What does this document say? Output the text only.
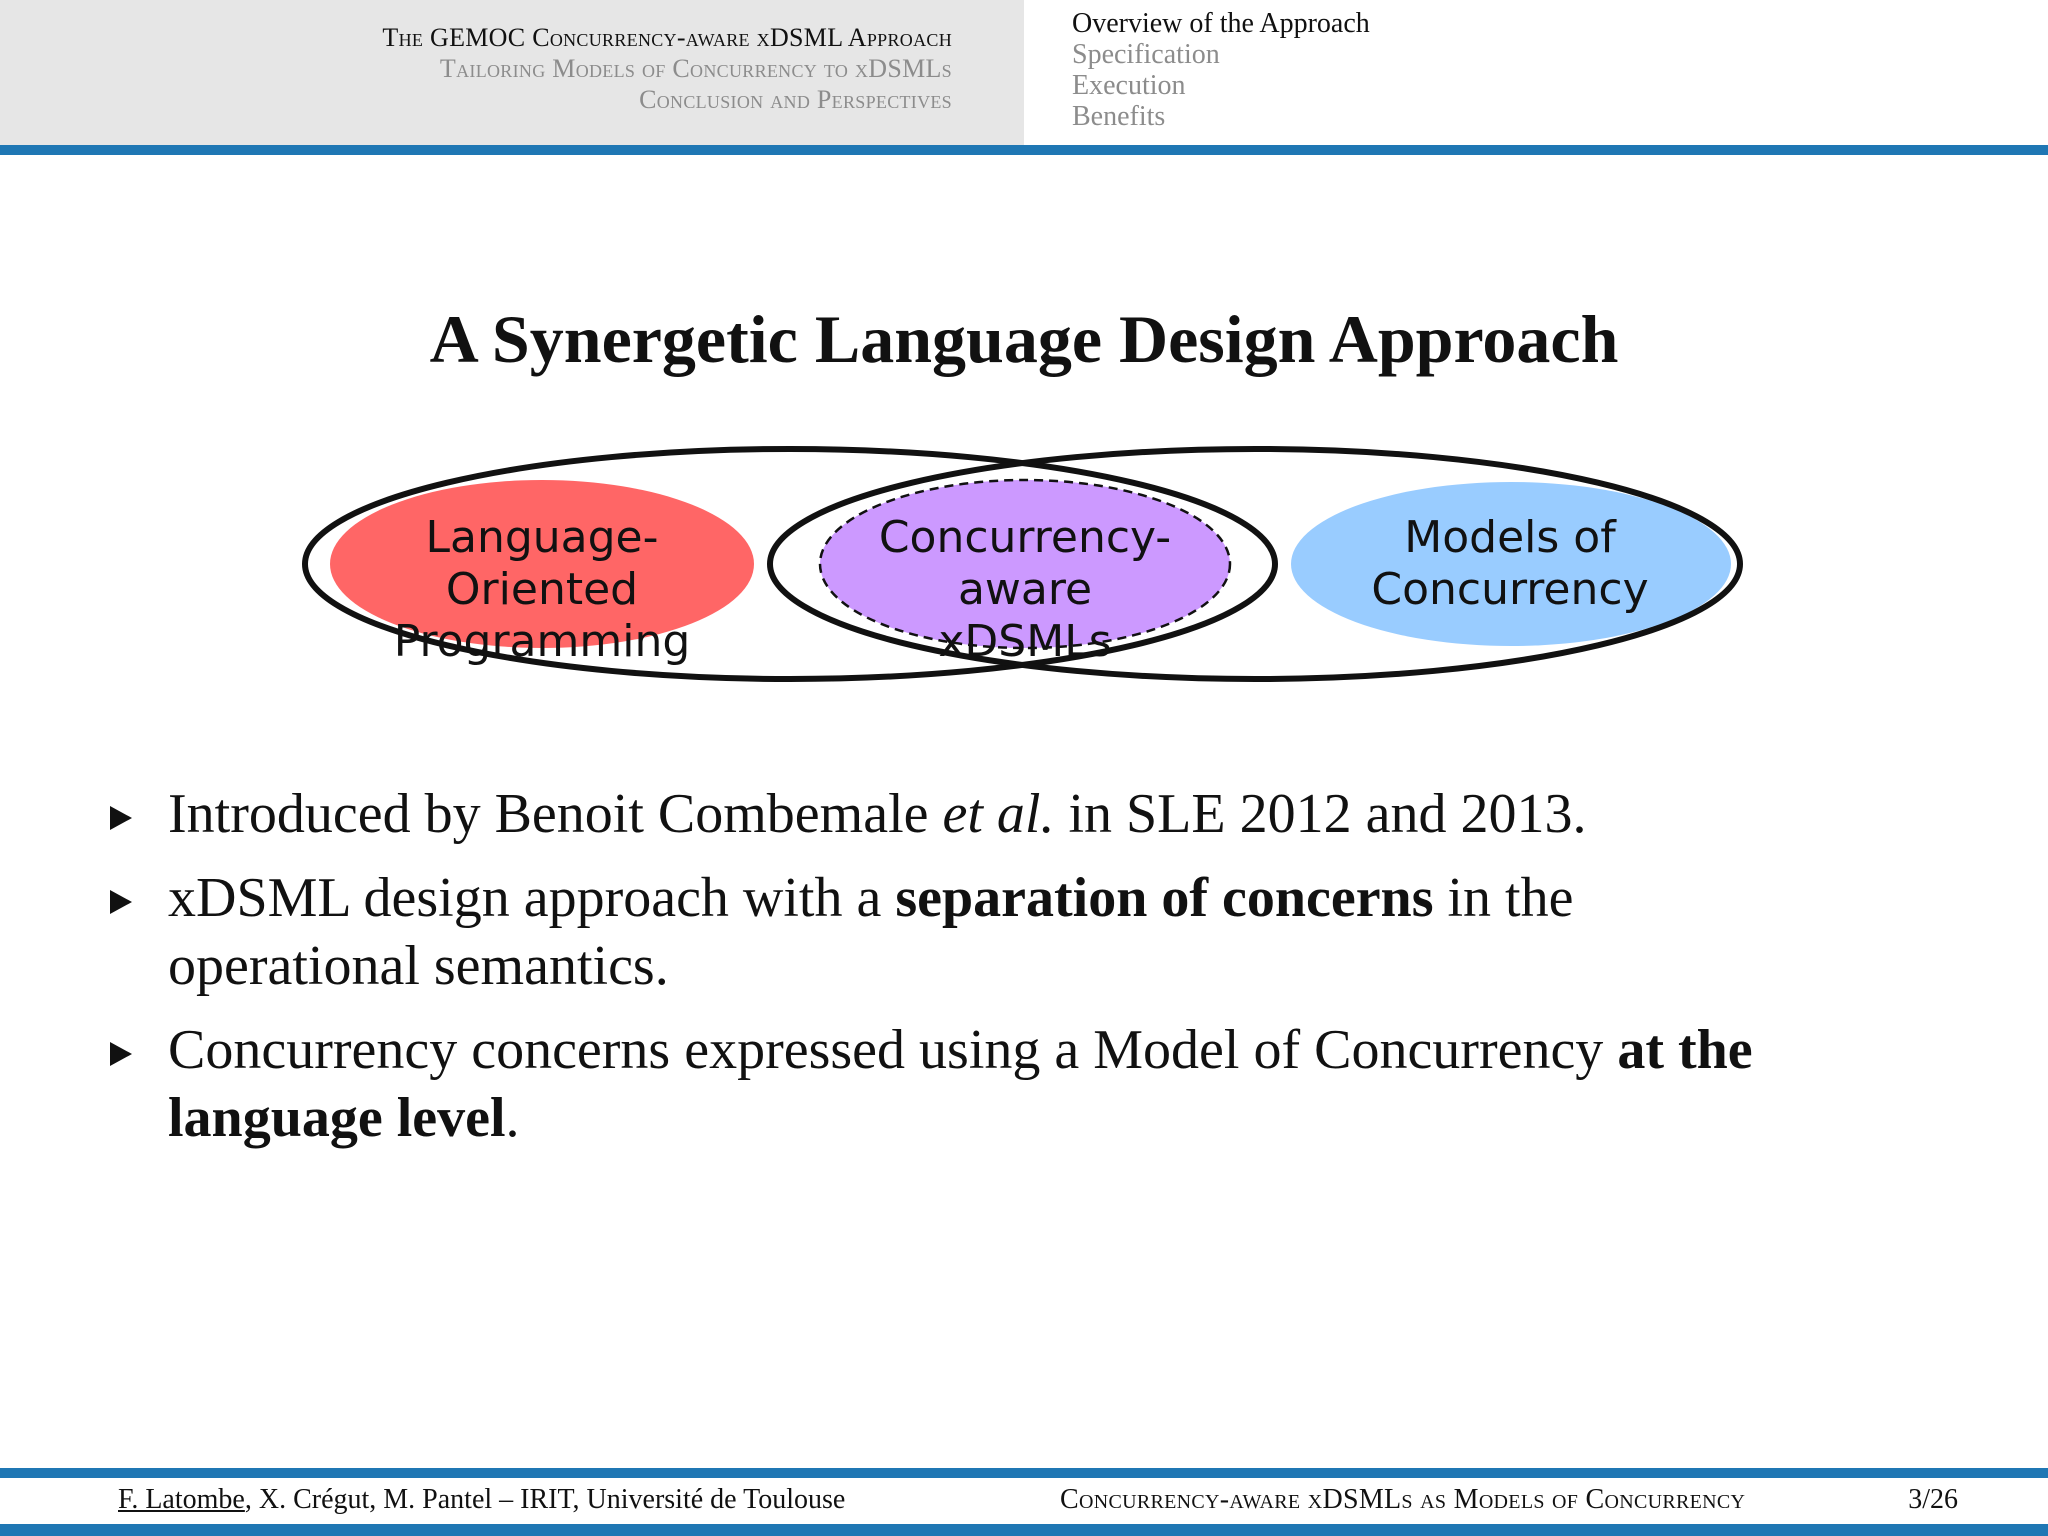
The GEMOC Concurrency-aware xDSML Approach
Tailoring Models of Concurrency to xDSMLs
Conclusion and Perspectives
Overview of the Approach
Specification
Execution
Benefits
A Synergetic Language Design Approach
Language-Oriented
Programming
Concurrency-aware
xDSMLs
Models of
Concurrency
Introduced by Benoit Combemale et al. in SLE 2012 and 2013.
xDSML design approach with a separation of concerns in the operational semantics.
Concurrency concerns expressed using a Model of Concurrency at the language level.
F. Latombe, X. Crégut, M. Pantel – IRIT, Université de Toulouse	Concurrency-aware xDSMLs as Models of Concurrency	3/26
